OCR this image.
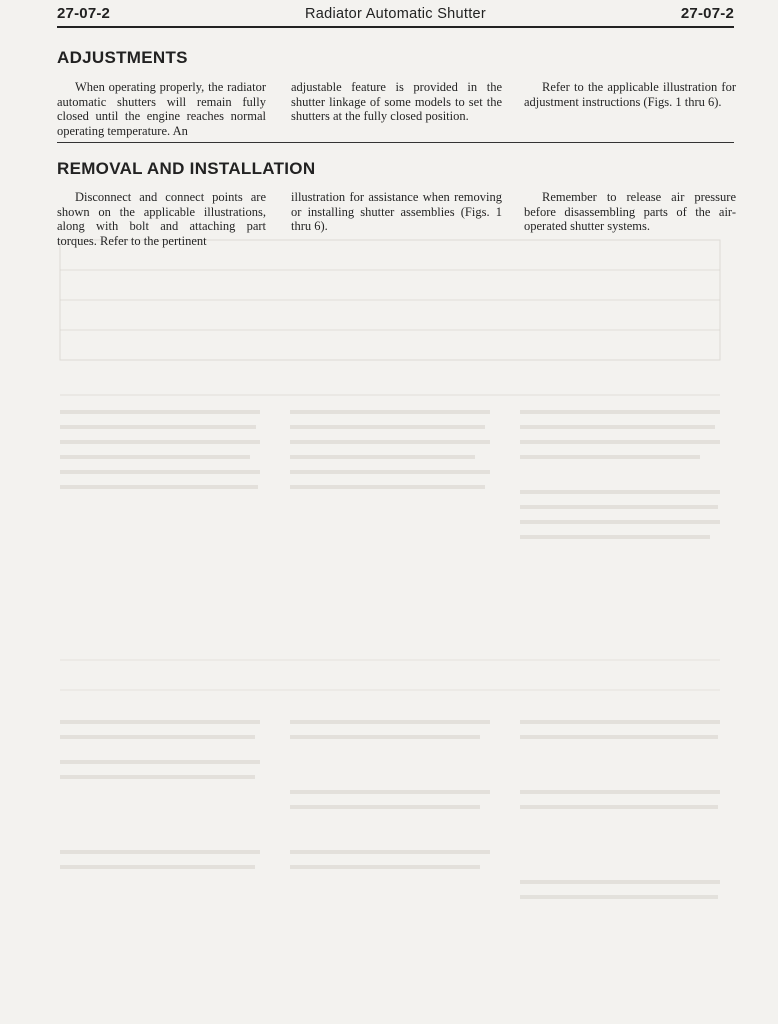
27-07-2	Radiator Automatic Shutter	27-07-2
ADJUSTMENTS

When operating properly, the radiator automatic shutters will remain fully closed until the engine reaches normal operating temperature. An

adjustable feature is provided in the shutter linkage of some models to set the shutters at the fully closed position.

Refer to the applicable illustration for adjustment instructions (Figs. 1 thru 6).

REMOVAL AND INSTALLATION

Disconnect and connect points are shown on the applicable illustrations, along with bolt and attaching part torques. Refer to the pertinent

illustration for assistance when removing or installing shutter assemblies (Figs. 1 thru 6).

Remember to release air pressure before disassembling parts of the air-operated shutter systems.
